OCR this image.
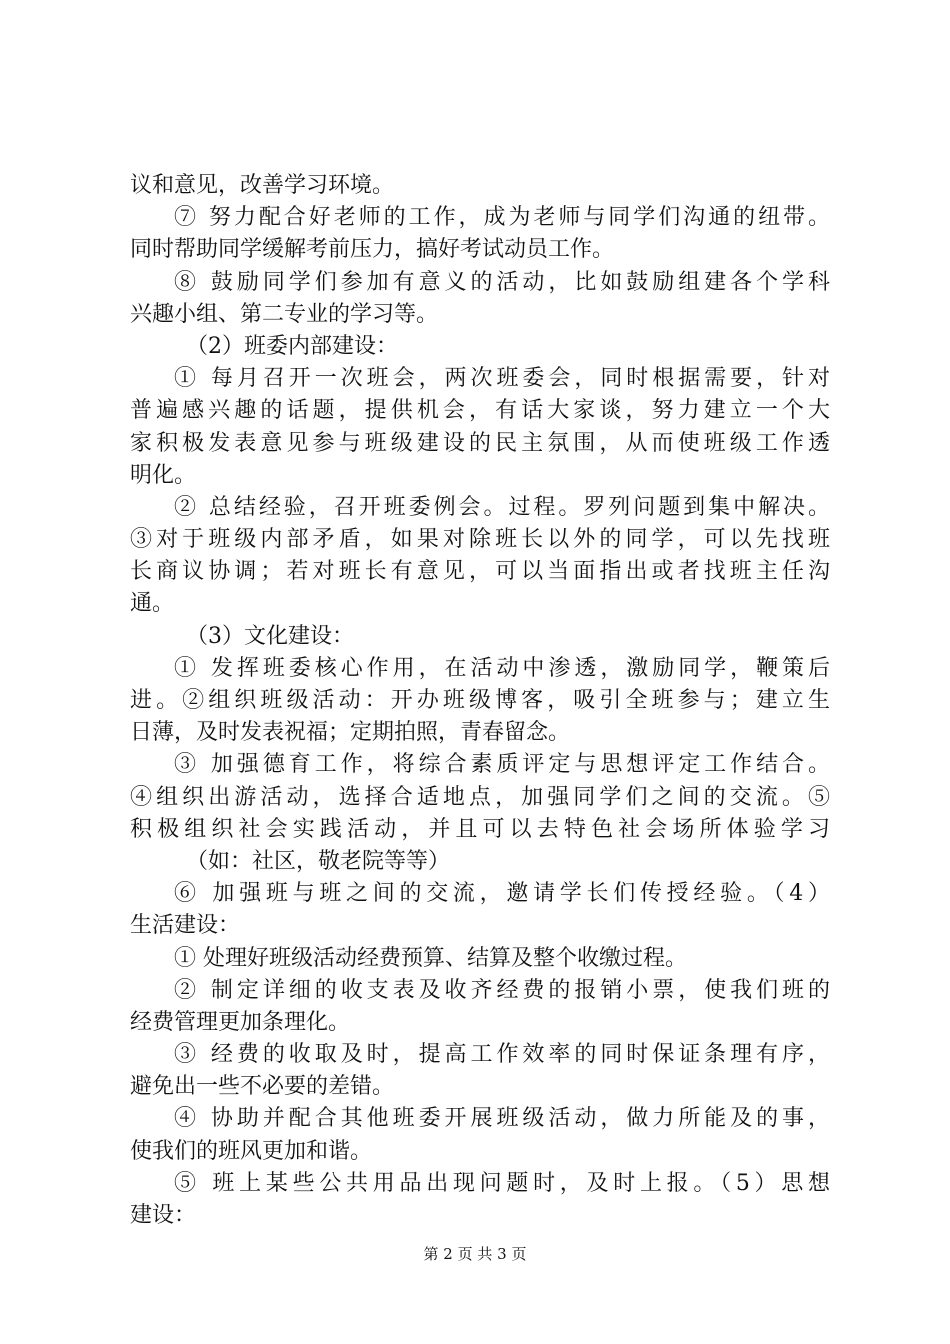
议和意见，改善学习环境。
⑦ 努力配合好老师的工作，成为老师与同学们沟通的纽带。
同时帮助同学缓解考前压力，搞好考试动员工作。
⑧ 鼓励同学们参加有意义的活动，比如鼓励组建各个学科
兴趣小组、第二专业的学习等。
（2）班委内部建设：
① 每月召开一次班会，两次班委会，同时根据需要，针对
普遍感兴趣的话题，提供机会，有话大家谈，努力建立一个大
家积极发表意见参与班级建设的民主氛围，从而使班级工作透
明化。
② 总结经验，召开班委例会。过程。罗列问题到集中解决。
③对于班级内部矛盾，如果对除班长以外的同学，可以先找班
长商议协调；若对班长有意见，可以当面指出或者找班主任沟
通。
（3）文化建设：
① 发挥班委核心作用，在活动中渗透，激励同学，鞭策后
进。②组织班级活动：开办班级博客，吸引全班参与；建立生
日薄，及时发表祝福；定期拍照，青春留念。
③ 加强德育工作，将综合素质评定与思想评定工作结合。
④组织出游活动，选择合适地点，加强同学们之间的交流。⑤
积极组织社会实践活动，并且可以去特色社会场所体验学习
（如：社区，敬老院等等）
⑥ 加强班与班之间的交流，邀请学长们传授经验。（4）
生活建设：
① 处理好班级活动经费预算、结算及整个收缴过程。
② 制定详细的收支表及收齐经费的报销小票，使我们班的
经费管理更加条理化。
③ 经费的收取及时，提高工作效率的同时保证条理有序，
避免出一些不必要的差错。
④ 协助并配合其他班委开展班级活动，做力所能及的事，
使我们的班风更加和谐。
⑤ 班上某些公共用品出现问题时，及时上报。（5）思想
建设：
第 2 页 共 3 页
